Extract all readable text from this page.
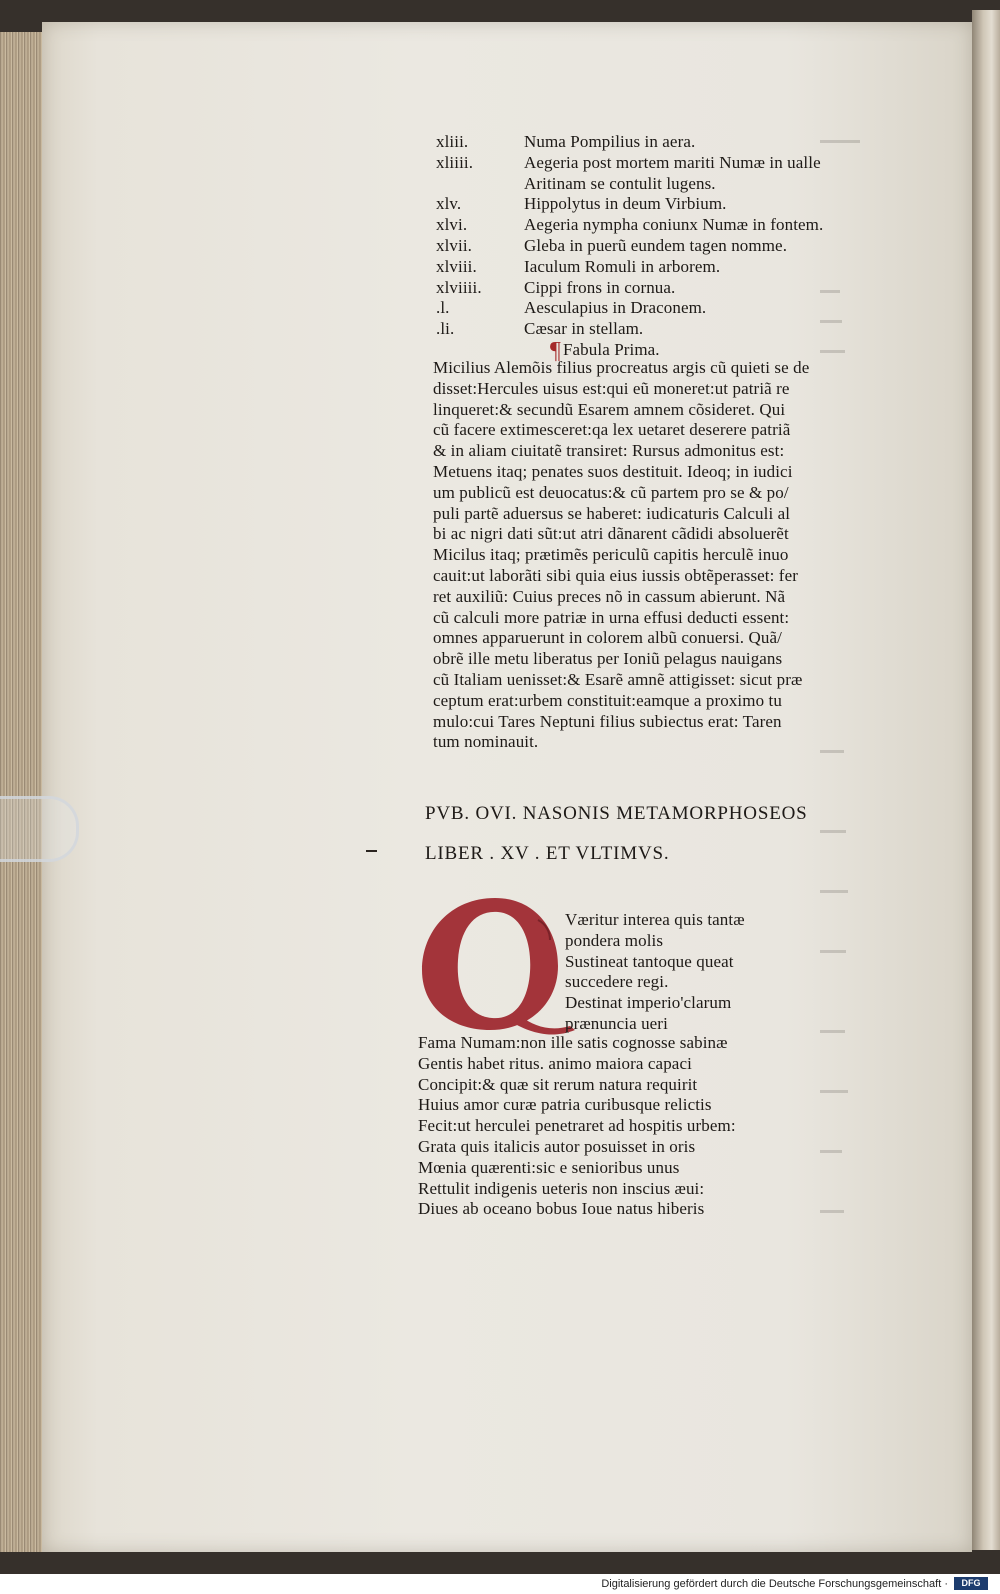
xliii.	Numa Pompilius in aera.
xliiii.	Aegeria post mortem mariti Numæ in ualle
Aritinam se contulit lugens.
xlv.	Hippolytus in deum Virbium.
xlvi.	Aegeria nympha coniunx Numæ in fontem.
xlvii.	Gleba in puerũ eundem tagen nomme.
xlviii.	Iaculum Romuli in arborem.
xlviiii. Cippi frons in cornua.
.l.	Aesculapius in Draconem.
.li.	Cæsar in stellam.
¶ Fabula Prima.
Micilius Alemõis filius procreatus argis cũ quieti se de
disset:Hercules uisus est:qui eũ moneret:ut patriã re
linqueret:& secundũ Esarem amnem cõsideret. Qui
cũ facere extimesceret:qa lex uetaret deserere patriã
& in aliam ciuitatẽ transiret: Rursus admonitus est:
Metuens itaq; penates suos destituit. Ideoq; in iudici
um publicũ est deuocatus:& cũ partem pro se & po/
puli partẽ aduersus se haberet: iudicaturis Calculi al
bi ac nigri dati sũt:ut atri dãnarent cãdidi absoluerẽt
Micilus itaq; prætimẽs periculũ capitis herculẽ inuo
cauit:ut laborãti sibi quia eius iussis obtẽperasset: fer
ret auxiliũ: Cuius preces nõ in cassum abierunt. Nã
cũ calculi more patriæ in urna effusi deducti essent:
omnes apparuerunt in colorem albũ conuersi. Quã/
obrẽ ille metu liberatus per Ioniũ pelagus nauigans
cũ Italiam uenisset:& Esarẽ amnẽ attigisset: sicut præ
ceptum erat:urbem constituit:eamque a proximo tu
mulo:cui Tares Neptuni filius subiectus erat: Taren
tum nominauit.
PVB. OVI. NASONIS METAMORPHOSEOS
LIBER . XV . ET VLTIMVS.
Væritur interea quis tantæ
pondera molis
Sustineat tantoque queat
succedere regi.
Destinat imperio'clarum
prænuncia ueri
Fama Numam:non ille satis cognosse sabinæ
Gentis habet ritus. animo maiora capaci
Concipit:& quæ sit rerum natura requirit
Huius amor curæ patria curibusque relictis
Fecit:ut herculei penetraret ad hospitis urbem:
Grata quis italicis autor posuisset in oris
Mœnia quærenti:sic e senioribus unus
Rettulit indigenis ueteris non inscius æui:
Diues ab oceano bobus Ioue natus hiberis
Digitalisierung gefördert durch die Deutsche Forschungsgemeinschaft ·	DFG
